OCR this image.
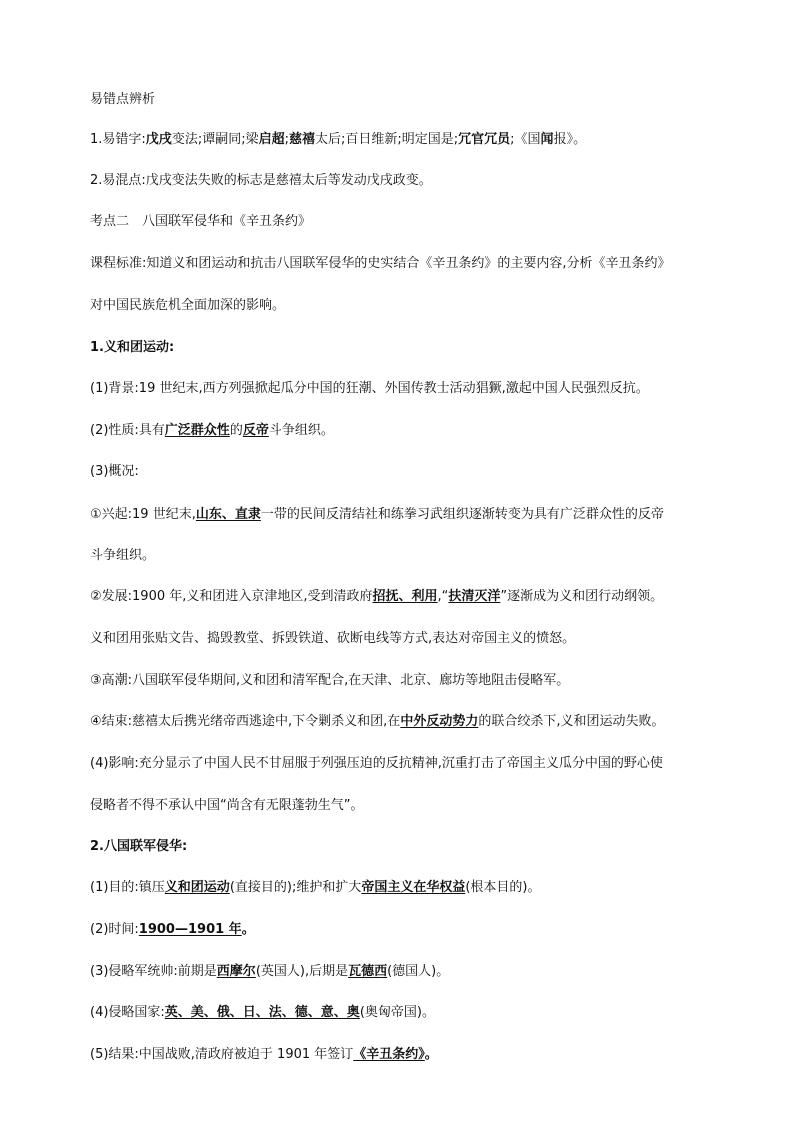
易错点辨析
1.易错字:戊戌变法;谭嗣同;梁启超;慈禧太后;百日维新;明定国是;冗官冗员;《国闻报》。
2.易混点:戊戌变法失败的标志是慈禧太后等发动戊戌政变。
考点二　八国联军侵华和《辛丑条约》
课程标准:知道义和团运动和抗击八国联军侵华的史实结合《辛丑条约》的主要内容,分析《辛丑条约》
对中国民族危机全面加深的影响。
1.义和团运动:
(1)背景:19 世纪末,西方列强掀起瓜分中国的狂潮、外国传教士活动猖獗,激起中国人民强烈反抗。
(2)性质:具有广泛群众性的反帝斗争组织。
(3)概况:
①兴起:19 世纪末,山东、直隶一带的民间反清结社和练拳习武组织逐渐转变为具有广泛群众性的反帝
斗争组织。
②发展:1900 年,义和团进入京津地区,受到清政府招抚、利用,“扶清灭洋”逐渐成为义和团行动纲领。
义和团用张贴文告、捣毁教堂、拆毁铁道、砍断电线等方式,表达对帝国主义的愤怒。
③高潮:八国联军侵华期间,义和团和清军配合,在天津、北京、廊坊等地阻击侵略军。
④结束:慈禧太后携光绪帝西逃途中,下令剿杀义和团,在中外反动势力的联合绞杀下,义和团运动失败。
(4)影响:充分显示了中国人民不甘屈服于列强压迫的反抗精神,沉重打击了帝国主义瓜分中国的野心使
侵略者不得不承认中国“尚含有无限蓬勃生气”。
2.八国联军侵华:
(1)目的:镇压义和团运动(直接目的);维护和扩大帝国主义在华权益(根本目的)。
(2)时间:1900—1901 年。
(3)侵略军统帅:前期是西摩尔(英国人),后期是瓦德西(德国人)。
(4)侵略国家:英、美、俄、日、法、德、意、奥(奥匈帝国)。
(5)结果:中国战败,清政府被迫于 1901 年签订《辛丑条约》。
